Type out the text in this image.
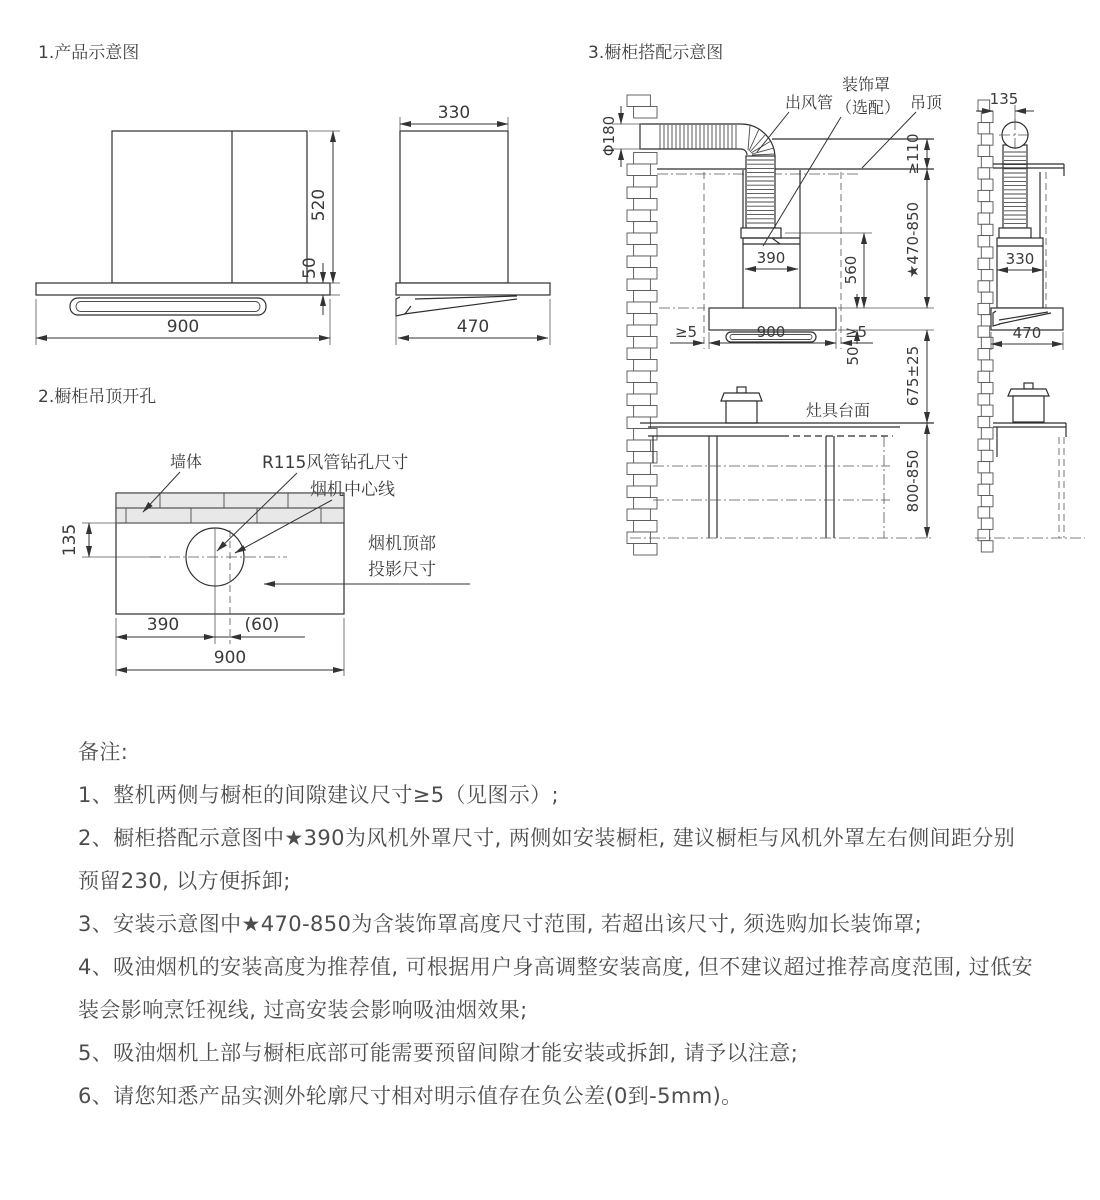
1.产品示意图
900
520
50
330
470
2.橱柜吊顶开孔
墙体	R115风管钻孔尺寸
烟机中心线
烟机顶部
投影尺寸
135
390	(60)
900
3.橱柜搭配示意图
出风管
装饰罩
（选配） 吊顶
灶具台面
Φ180	≥110
★470-850
390	560
≥5	900	≥5
50	675±25
800-850
135
330
470

备注:

1、整机两侧与橱柜的间隙建议尺寸≥5（见图示）;

2、橱柜搭配示意图中★390为风机外罩尺寸, 两侧如安装橱柜, 建议橱柜与风机外罩左右侧间距分别预留230, 以方便拆卸;

3、安装示意图中★470-850为含装饰罩高度尺寸范围, 若超出该尺寸, 须选购加长装饰罩;

4、吸油烟机的安装高度为推荐值, 可根据用户身高调整安装高度, 但不建议超过推荐高度范围, 过低安装会影响烹饪视线, 过高安装会影响吸油烟效果;

5、吸油烟机上部与橱柜底部可能需要预留间隙才能安装或拆卸, 请予以注意;

6、请您知悉产品实测外轮廓尺寸相对明示值存在负公差(0到-5mm)。
